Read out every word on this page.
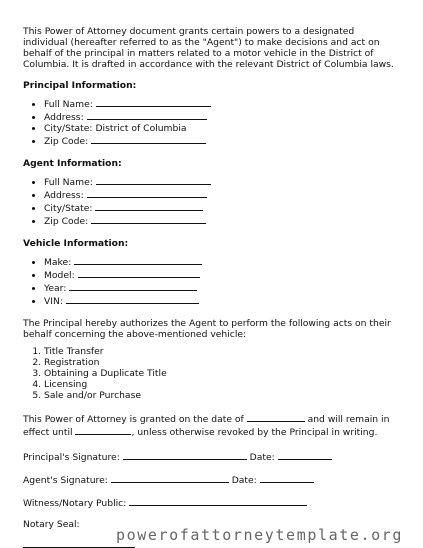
This Power of Attorney document grants certain powers to a designated individual (hereafter referred to as the "Agent") to make decisions and act on behalf of the principal in matters related to a motor vehicle in the District of Columbia. It is drafted in accordance with the relevant District of Columbia laws.

Principal Information:

• Full Name:
• Address:
• City/State: District of Columbia
• Zip Code:

Agent Information:

• Full Name:
• Address:
• City/State:
• Zip Code:

Vehicle Information:

• Make:
• Model:
• Year:
• VIN:

The Principal hereby authorizes the Agent to perform the following acts on their behalf concerning the above-mentioned vehicle:

1. Title Transfer
2. Registration
3. Obtaining a Duplicate Title
4. Licensing
5. Sale and/or Purchase

This Power of Attorney is granted on the date of	and will remain in effect until	, unless otherwise revoked by the Principal in writing.

Principal's Signature:	Date:

Agent's Signature:	Date:

Witness/Notary Public:

Notary Seal:

powerofattorneytemplate.org
